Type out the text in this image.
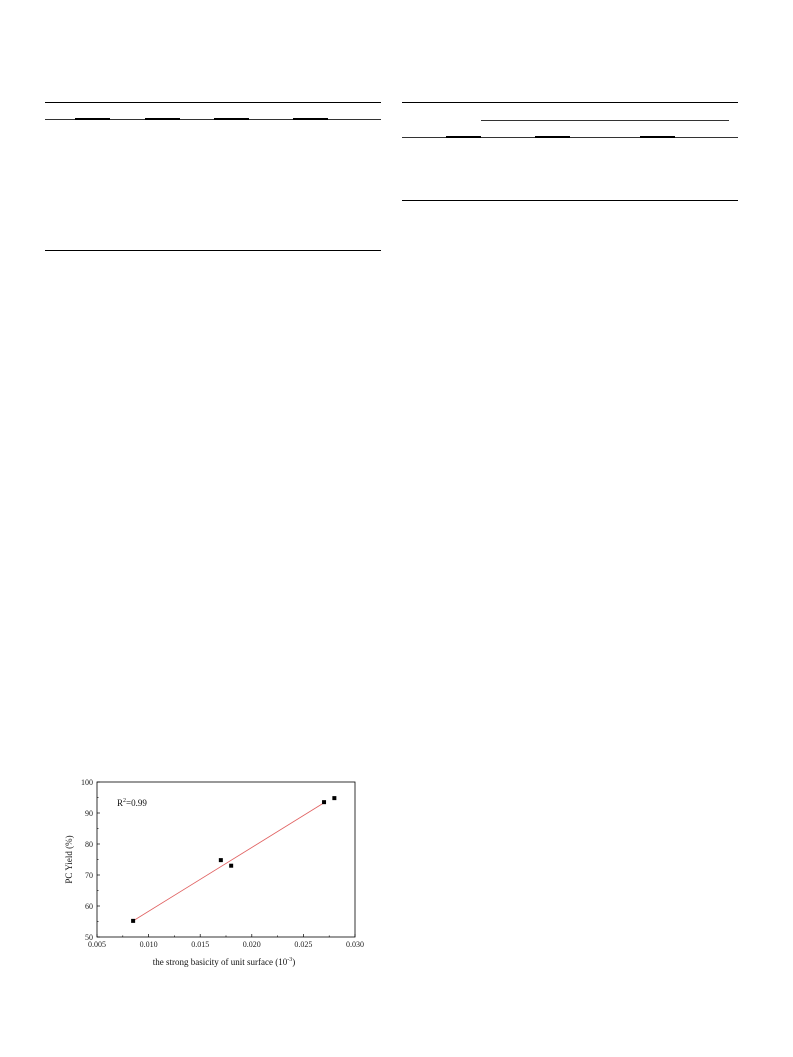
0.005	0.010	0.015	0.020	0.025	0.030
50
60
70
80
90
100
PC Yield (%)
the strong basicity of unit surface $(10^{-3})$
$R^2=0.99$
